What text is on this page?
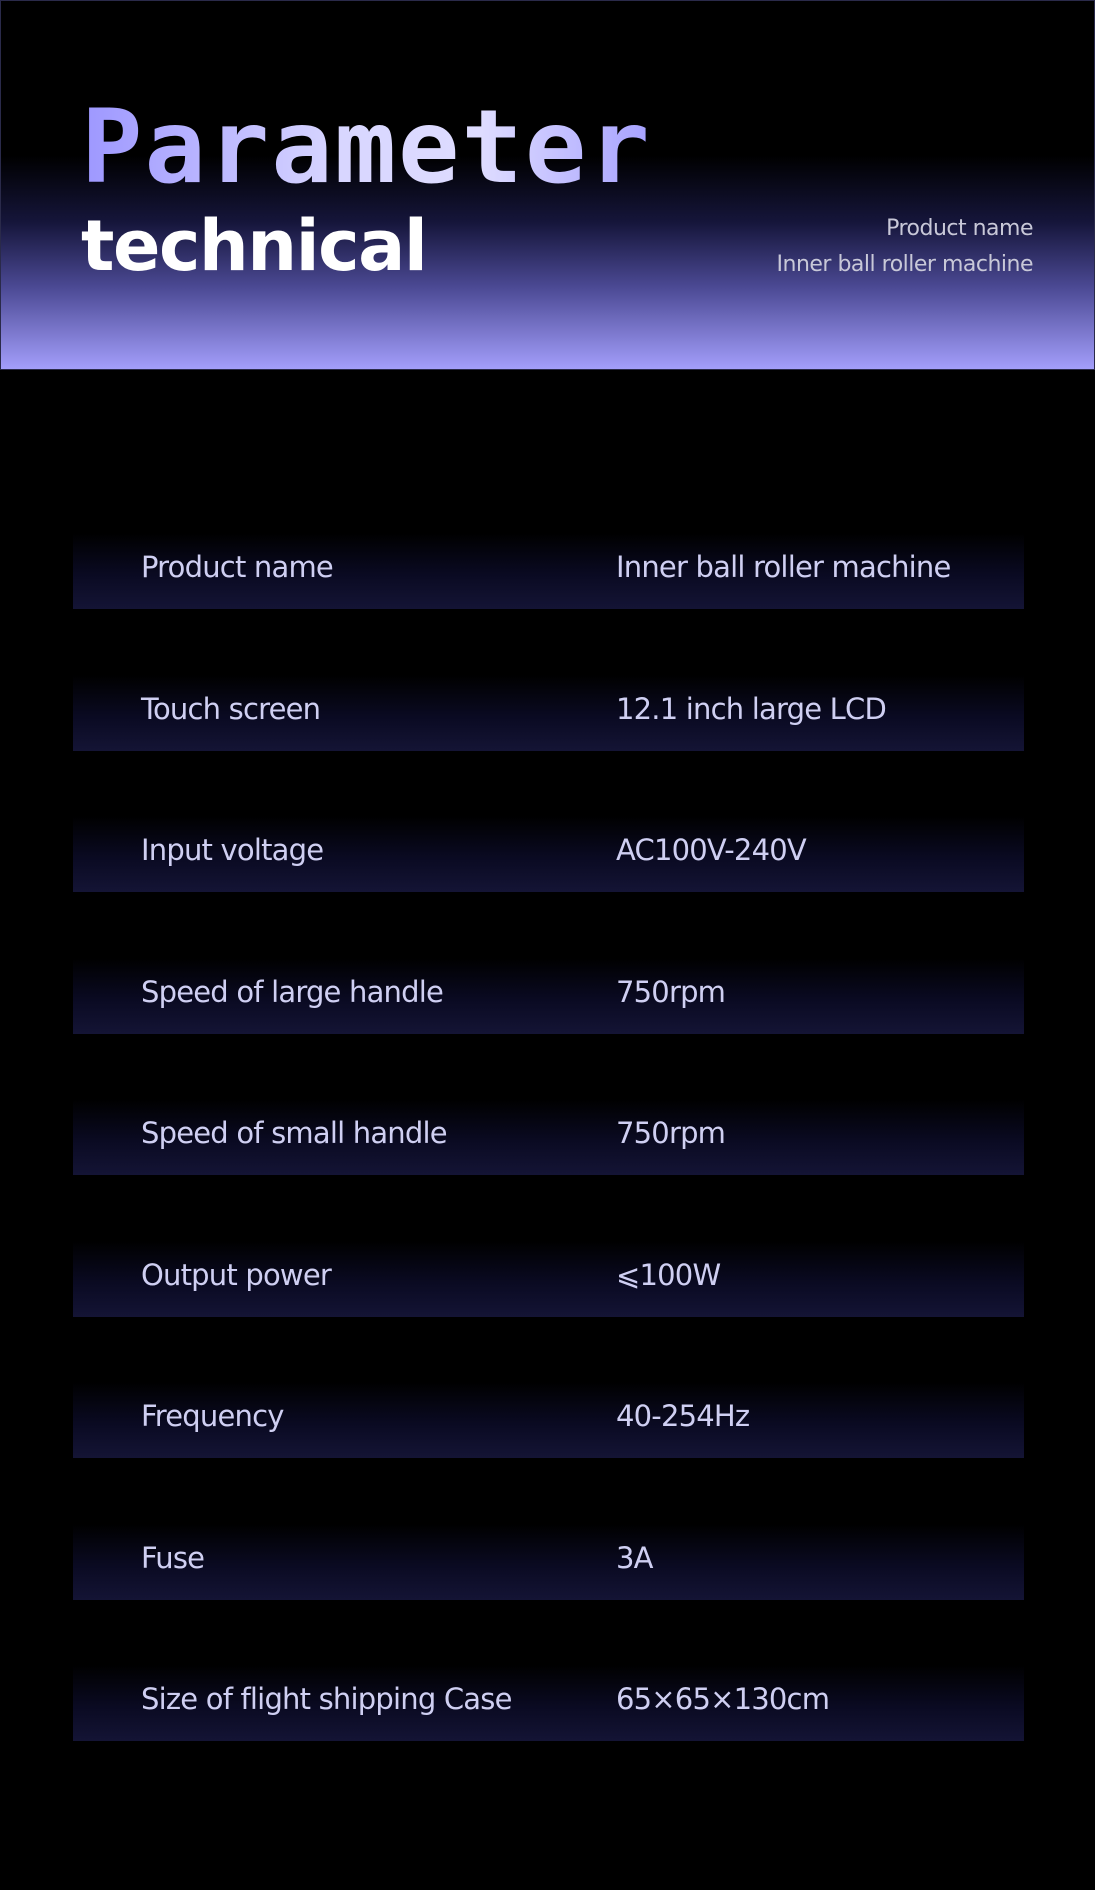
Parameter
technical	Product name
Inner ball roller machine
Product name	Inner ball roller machine
Touch screen	12.1 inch large LCD
Input voltage	AC100V-240V
Speed of large handle	750rpm
Speed of small handle	750rpm
Output power	⩽100W
Frequency	40-254Hz
Fuse	3A
Size of flight shipping Case	65×65×130cm
